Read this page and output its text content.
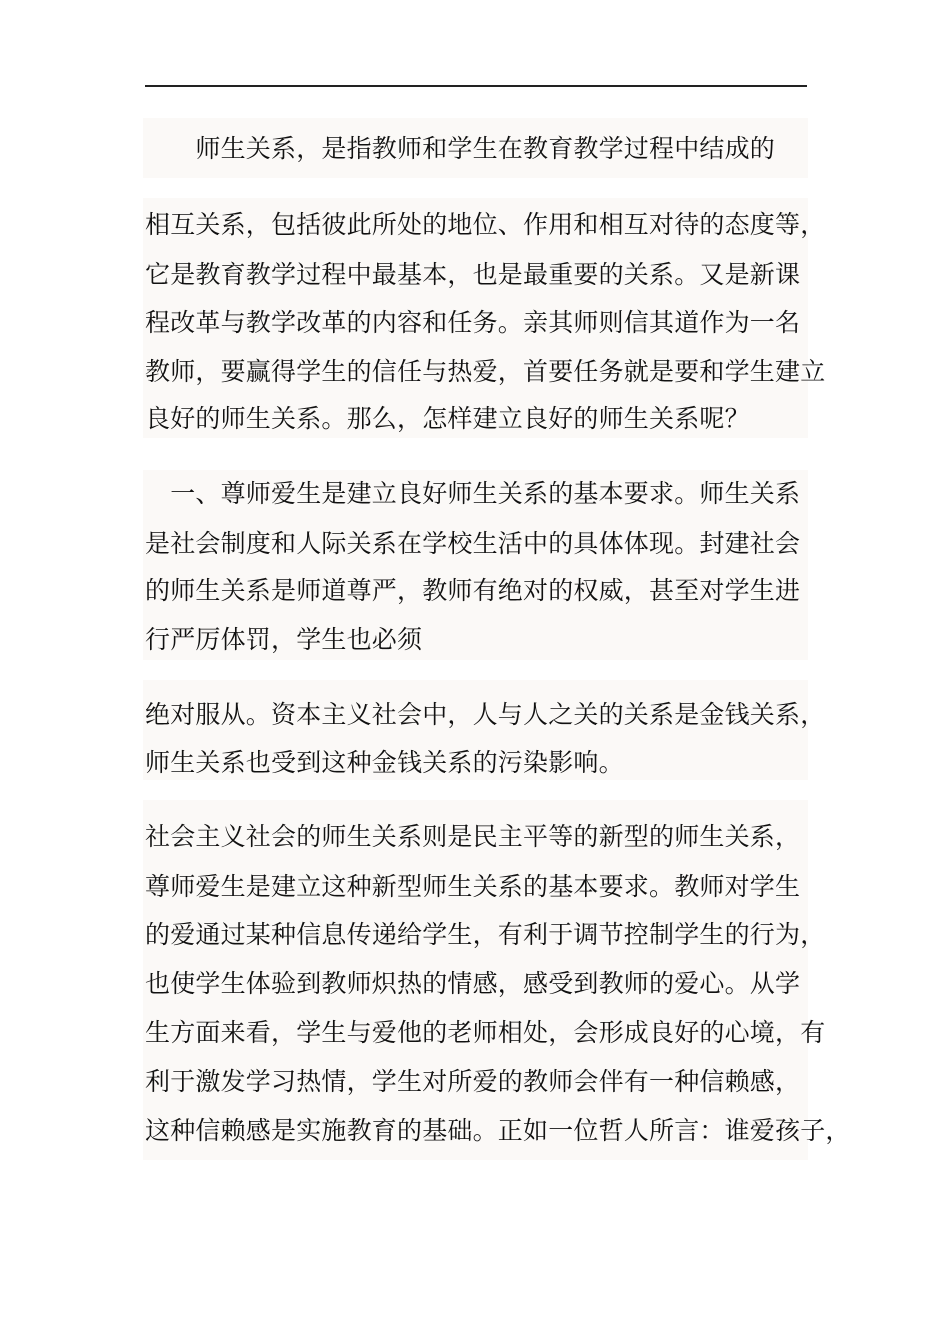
　　师生关系，是指教师和学生在教育教学过程中结成的
相互关系，包括彼此所处的地位、作用和相互对待的态度等，
它是教育教学过程中最基本，也是最重要的关系。又是新课
程改革与教学改革的内容和任务。亲其师则信其道作为一名
教师，要赢得学生的信任与热爱，首要任务就是要和学生建立
良好的师生关系。那么，怎样建立良好的师生关系呢？
　一、尊师爱生是建立良好师生关系的基本要求。师生关系
是社会制度和人际关系在学校生活中的具体体现。封建社会
的师生关系是师道尊严，教师有绝对的权威，甚至对学生进
行严厉体罚，学生也必须
绝对服从。资本主义社会中，人与人之关的关系是金钱关系，
师生关系也受到这种金钱关系的污染影响。
社会主义社会的师生关系则是民主平等的新型的师生关系，
尊师爱生是建立这种新型师生关系的基本要求。教师对学生
的爱通过某种信息传递给学生，有利于调节控制学生的行为，
也使学生体验到教师炽热的情感，感受到教师的爱心。从学
生方面来看，学生与爱他的老师相处，会形成良好的心境，有
利于激发学习热情，学生对所爱的教师会伴有一种信赖感，
这种信赖感是实施教育的基础。正如一位哲人所言：谁爱孩子，
